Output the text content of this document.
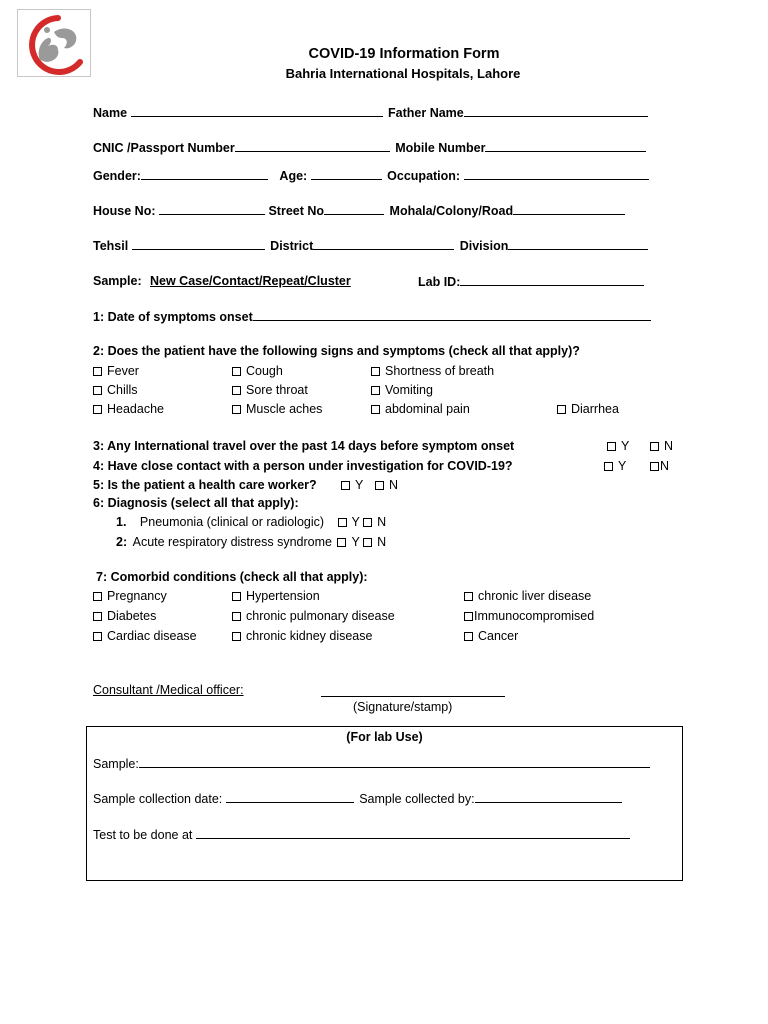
COVID-19 Information Form
Bahria International Hospitals, Lahore
Name	Father Name
CNIC /Passport Number	Mobile Number
Gender:	Age:	Occupation:
House No:	Street No	Mohala/Colony/Road
Tehsil	District	Division
Sample: New Case/Contact/Repeat/Cluster	Lab ID:
1: Date of symptoms onset
2: Does the patient have the following signs and symptoms (check all that apply)?
Fever	Cough	Shortness of breath
Chills	Sore throat	Vomiting
Headache	Muscle aches	abdominal pain	Diarrhea
3: Any International travel over the past 14 days before symptom onset	Y	N
4: Have close contact with a person under investigation for COVID-19?	Y	N
5: Is the patient a health care worker?	Y	N
6: Diagnosis (select all that apply):
1. Pneumonia (clinical or radiologic) Y N
2: Acute respiratory distress syndrome Y N
7: Comorbid conditions (check all that apply):
Pregnancy	Hypertension	chronic liver disease
Diabetes	chronic pulmonary disease	Immunocompromised
Cardiac disease	chronic kidney disease	Cancer
Consultant /Medical officer:
(Signature/stamp)
(For lab Use)
Sample:
Sample collection date:	Sample collected by:
Test to be done at
